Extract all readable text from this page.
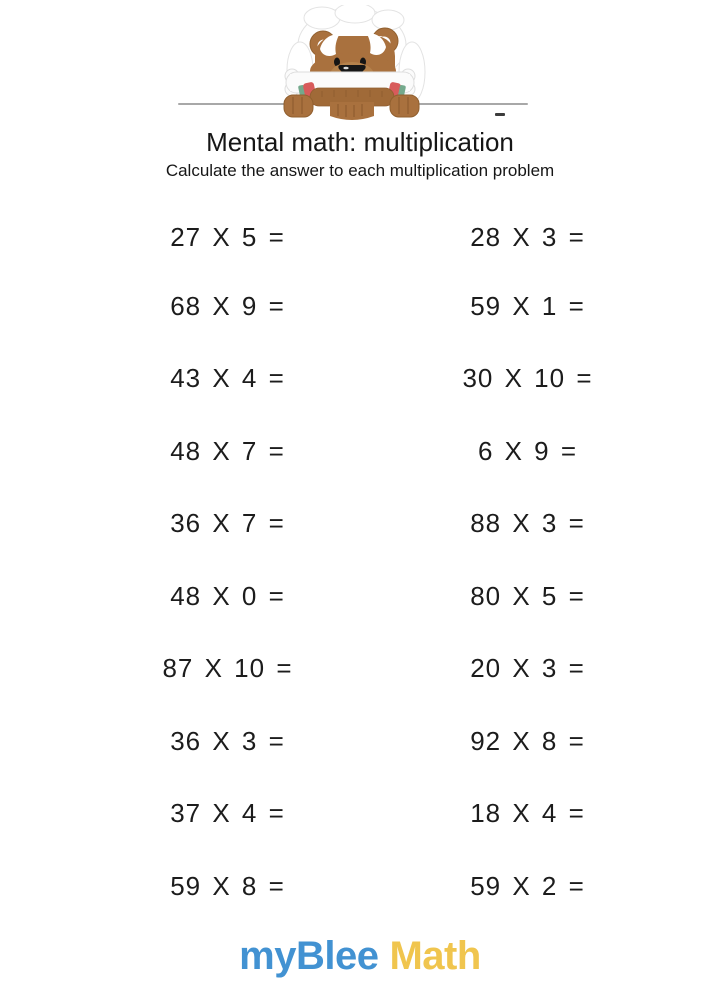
Mental math: multiplication

Calculate the answer to each multiplication problem

27 X 5 =	28 X 3 =
68 X 9 =	59 X 1 =
43 X 4 =	30 X 10 =
48 X 7 =	6 X 9 =
36 X 7 =	88 X 3 =
48 X 0 =	80 X 5 =
87 X 10 =	20 X 3 =
36 X 3 =	92 X 8 =
37 X 4 =	18 X 4 =
59 X 8 =	59 X 2 =
myBlee Math
